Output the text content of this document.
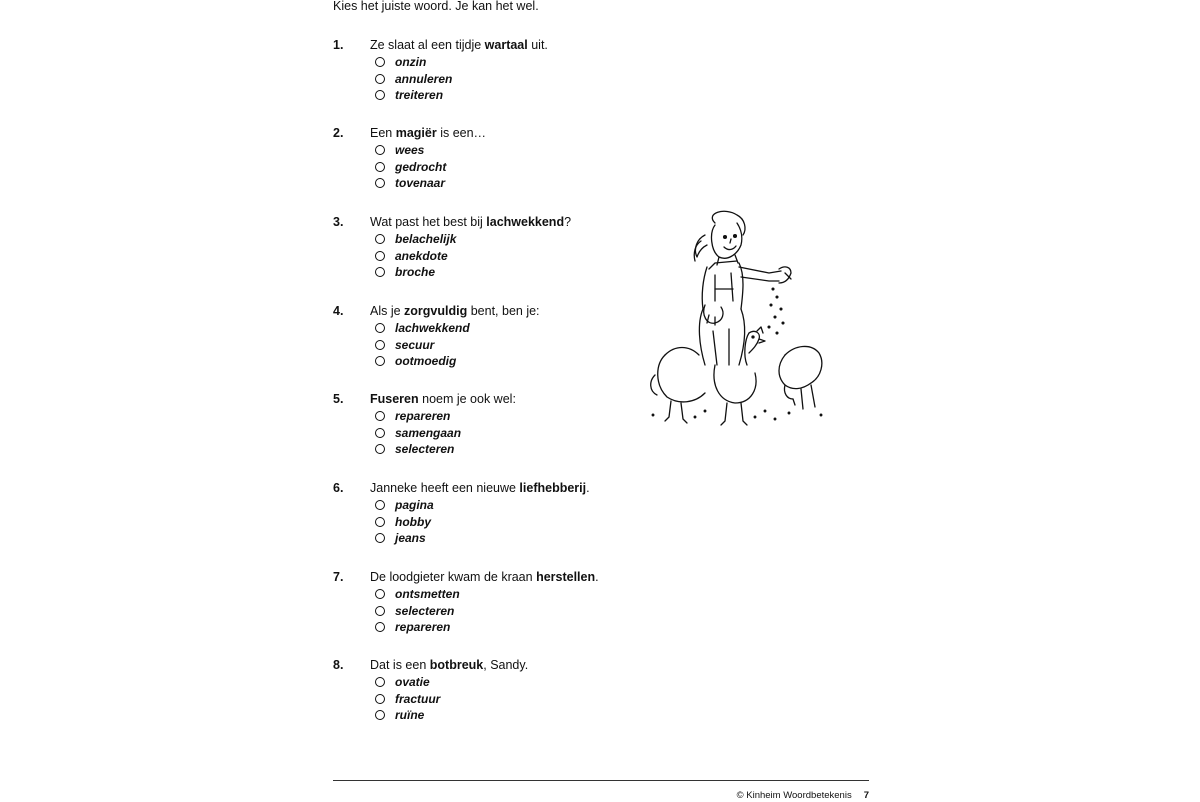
Kies het juiste woord. Je kan het wel.

1. Ze slaat al een tijdje wartaal uit.
onzin
annuleren
treiteren
2. Een magiër is een…
wees
gedrocht
tovenaar
3. Wat past het best bij lachwekkend?
belachelijk
anekdote
broche
4. Als je zorgvuldig bent, ben je:
lachwekkend
secuur
ootmoedig
5. Fuseren noem je ook wel:
repareren
samengaan
selecteren
6. Janneke heeft een nieuwe liefhebberij.
pagina
hobby
jeans
7. De loodgieter kwam de kraan herstellen.
ontsmetten
selecteren
repareren
8. Dat is een botbreuk, Sandy.
ovatie
fractuur
ruïne
© Kinheim Woordbetekenis 7
